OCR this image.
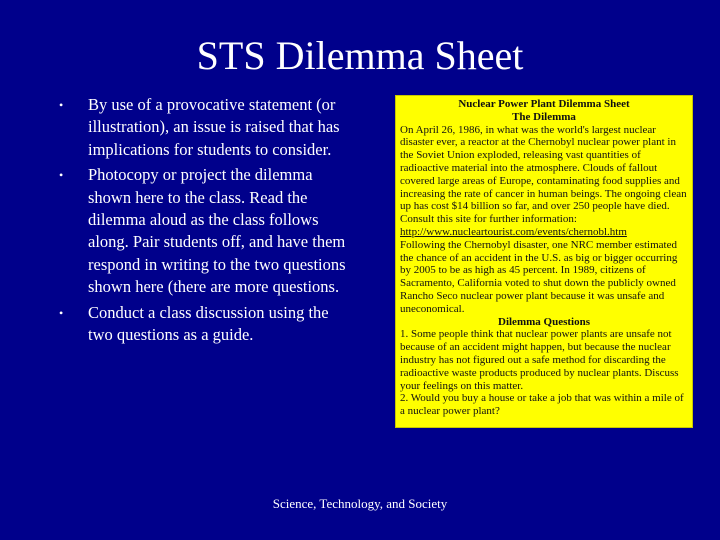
STS Dilemma Sheet
• By use of a provocative statement (or illustration), an issue is raised that has implications for students to consider.
• Photocopy or project the dilemma shown here to the class. Read the dilemma aloud as the class follows along. Pair students off, and have them respond in writing to the two questions shown here (there are more questions.
• Conduct a class discussion using the two questions as a guide.
Nuclear Power Plant Dilemma Sheet
The Dilemma

On April 26, 1986, in what was the world's largest nuclear disaster ever, a reactor at the Chernobyl nuclear power plant in the Soviet Union exploded, releasing vast quantities of radioactive material into the atmosphere. Clouds of fallout covered large areas of Europe, contaminating food supplies and increasing the rate of cancer in human beings. The ongoing clean up has cost $14 billion so far, and over 250 people have died. Consult this site for further information:

http://www.nucleartourist.com/events/chernobl.htm

Following the Chernobyl disaster, one NRC member estimated the chance of an accident in the U.S. as big or bigger occurring by 2005 to be as high as 45 percent. In 1989, citizens of Sacramento, California voted to shut down the publicly owned Rancho Seco nuclear power plant because it was unsafe and uneconomical.

Dilemma Questions

1. Some people think that nuclear power plants are unsafe not because of an accident might happen, but because the nuclear industry has not figured out a safe method for discarding the radioactive waste products produced by nuclear plants. Discuss your feelings on this matter.

2. Would you buy a house or take a job that was within a mile of a nuclear power plant?

Science, Technology, and Society
